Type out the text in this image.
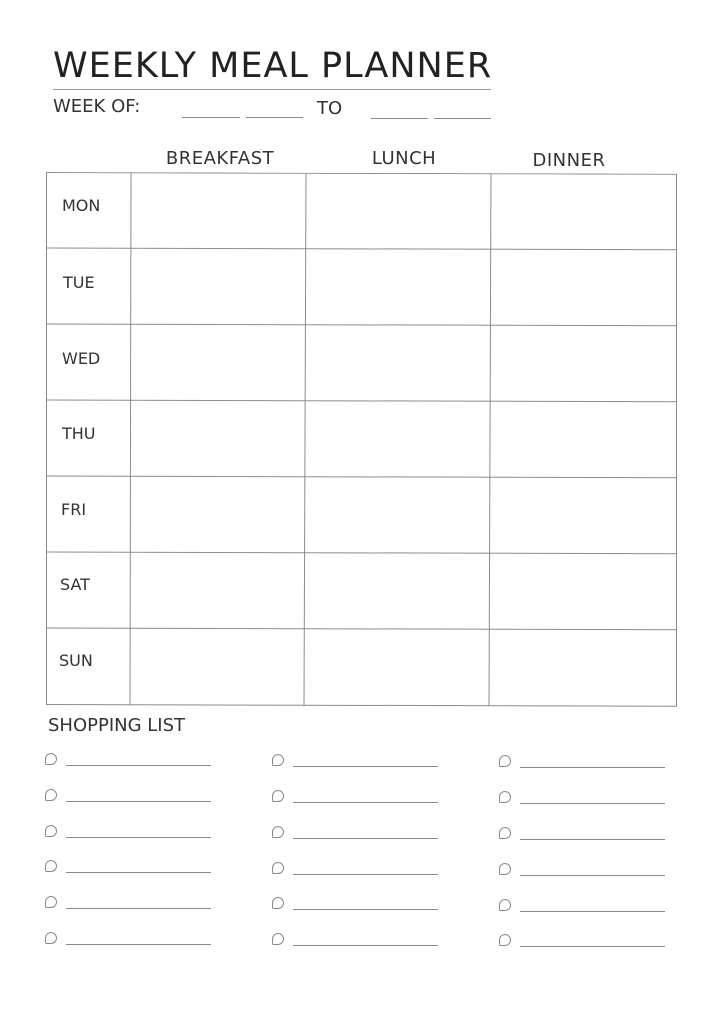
WEEKLY MEAL PLANNER
WEEK OF:	TO
BREAKFAST	LUNCH	DINNER
MON
TUE
WED
THU
FRI
SAT
SUN
SHOPPING LIST
